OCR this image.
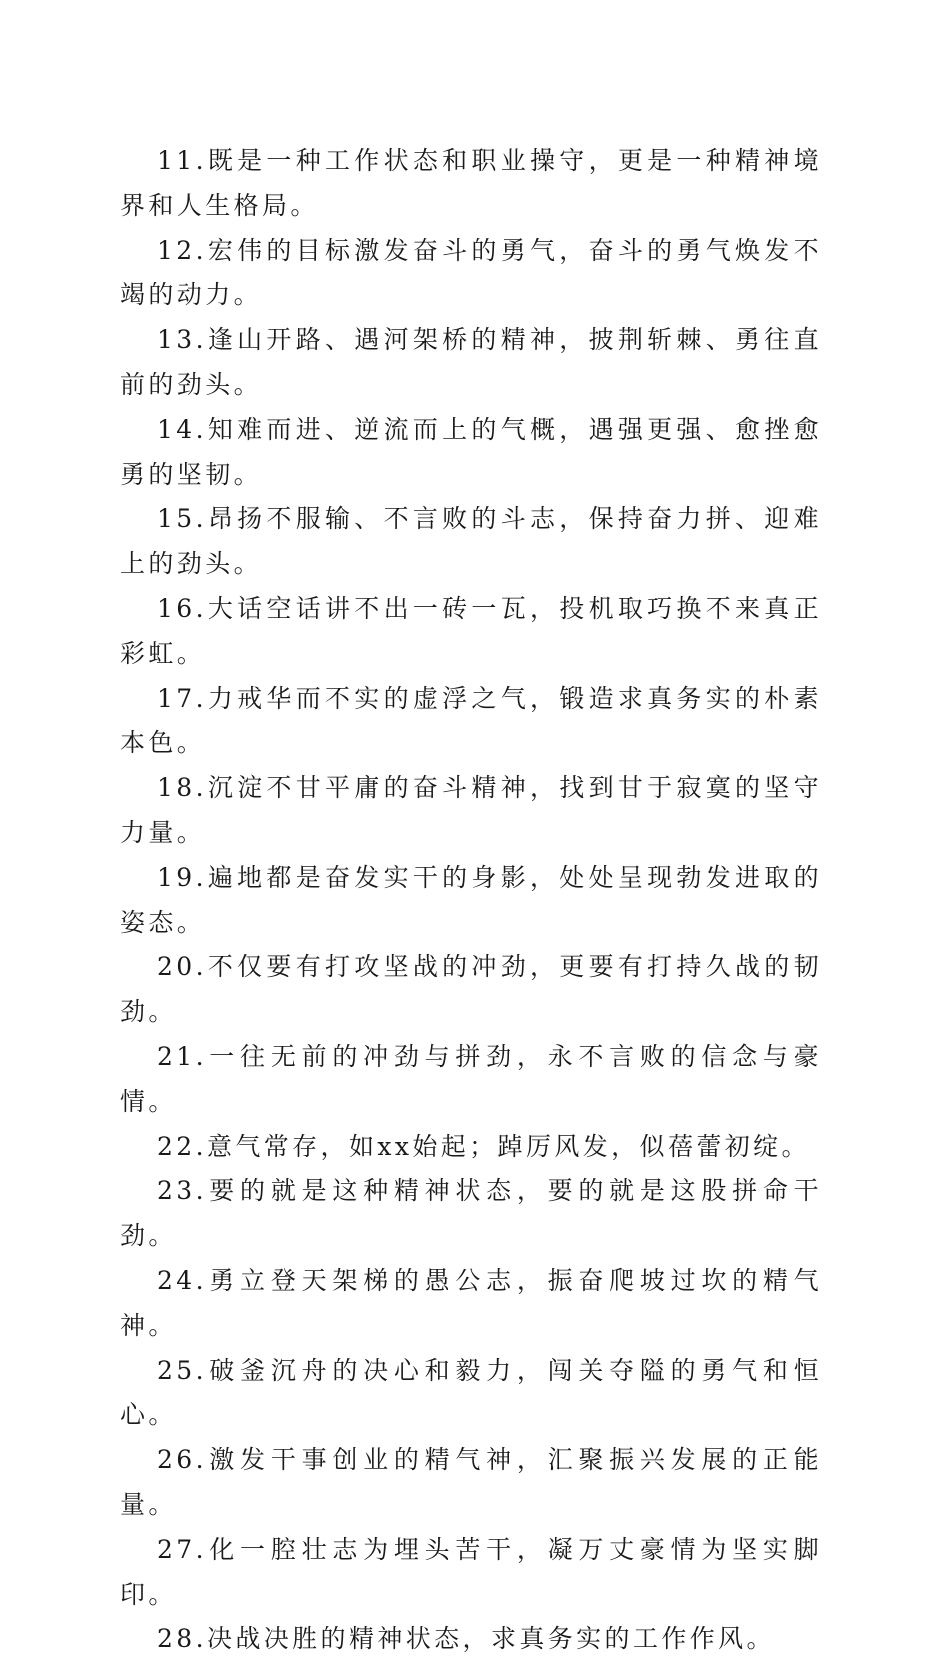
11.既是一种工作状态和职业操守，更是一种精神境界和人生格局。

12.宏伟的目标激发奋斗的勇气，奋斗的勇气焕发不竭的动力。

13.逢山开路、遇河架桥的精神，披荆斩棘、勇往直前的劲头。

14.知难而进、逆流而上的气概，遇强更强、愈挫愈勇的坚韧。

15.昂扬不服输、不言败的斗志，保持奋力拼、迎难上的劲头。

16.大话空话讲不出一砖一瓦，投机取巧换不来真正彩虹。

17.力戒华而不实的虚浮之气，锻造求真务实的朴素本色。

18.沉淀不甘平庸的奋斗精神，找到甘于寂寞的坚守力量。

19.遍地都是奋发实干的身影，处处呈现勃发进取的姿态。

20.不仅要有打攻坚战的冲劲，更要有打持久战的韧劲。

21.一往无前的冲劲与拼劲，永不言败的信念与豪情。

22.意气常存，如xx始起；踔厉风发，似蓓蕾初绽。

23.要的就是这种精神状态，要的就是这股拼命干劲。

24.勇立登天架梯的愚公志，振奋爬坡过坎的精气神。

25.破釜沉舟的决心和毅力，闯关夺隘的勇气和恒心。

26.激发干事创业的精气神，汇聚振兴发展的正能量。

27.化一腔壮志为埋头苦干，凝万丈豪情为坚实脚印。

28.决战决胜的精神状态，求真务实的工作作风。
